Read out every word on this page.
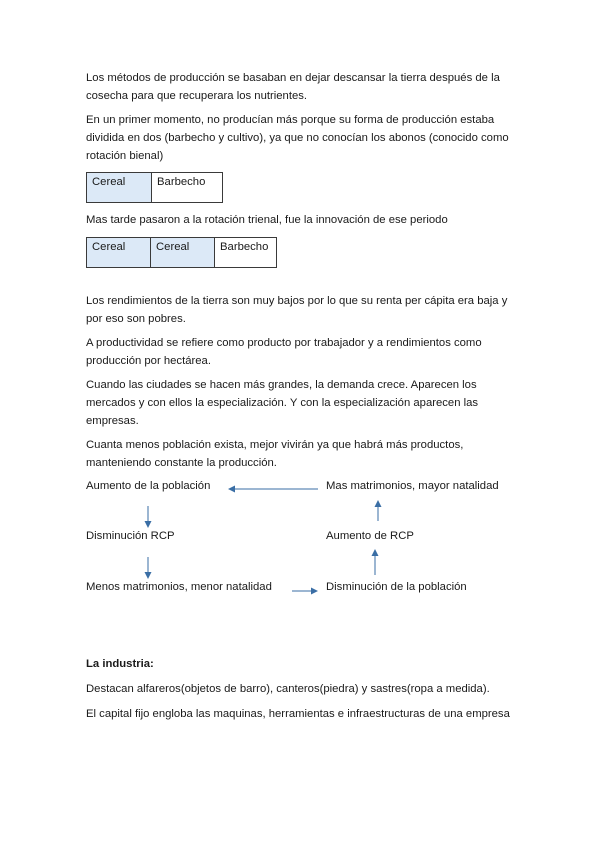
Los métodos de producción se basaban en dejar descansar la tierra después de la cosecha para que recuperara los nutrientes.
En un primer momento, no producían más porque su forma de producción estaba dividida en dos (barbecho y cultivo), ya que no conocían los abonos (conocido como rotación bienal)
Cereal	Barbecho
Mas tarde pasaron a la rotación trienal, fue la innovación de ese periodo
Cereal	Cereal	Barbecho
Los rendimientos de la tierra son muy bajos por lo que su renta per cápita era baja y por eso son pobres.
A productividad se refiere como producto por trabajador y a rendimientos como producción por hectárea.
Cuando las ciudades se hacen más grandes, la demanda crece. Aparecen los mercados y con ellos la especialización. Y con la especialización aparecen las empresas.
Cuanta menos población exista, mejor vivirán ya que habrá más productos, manteniendo constante la producción.
Aumento de la población	Mas matrimonios, mayor natalidad
Disminución RCP	Aumento de RCP
Menos matrimonios, menor natalidad	Disminución de la población
La industria:
Destacan alfareros(objetos de barro), canteros(piedra) y sastres(ropa a medida).
El capital fijo engloba las maquinas, herramientas e infraestructuras de una empresa
